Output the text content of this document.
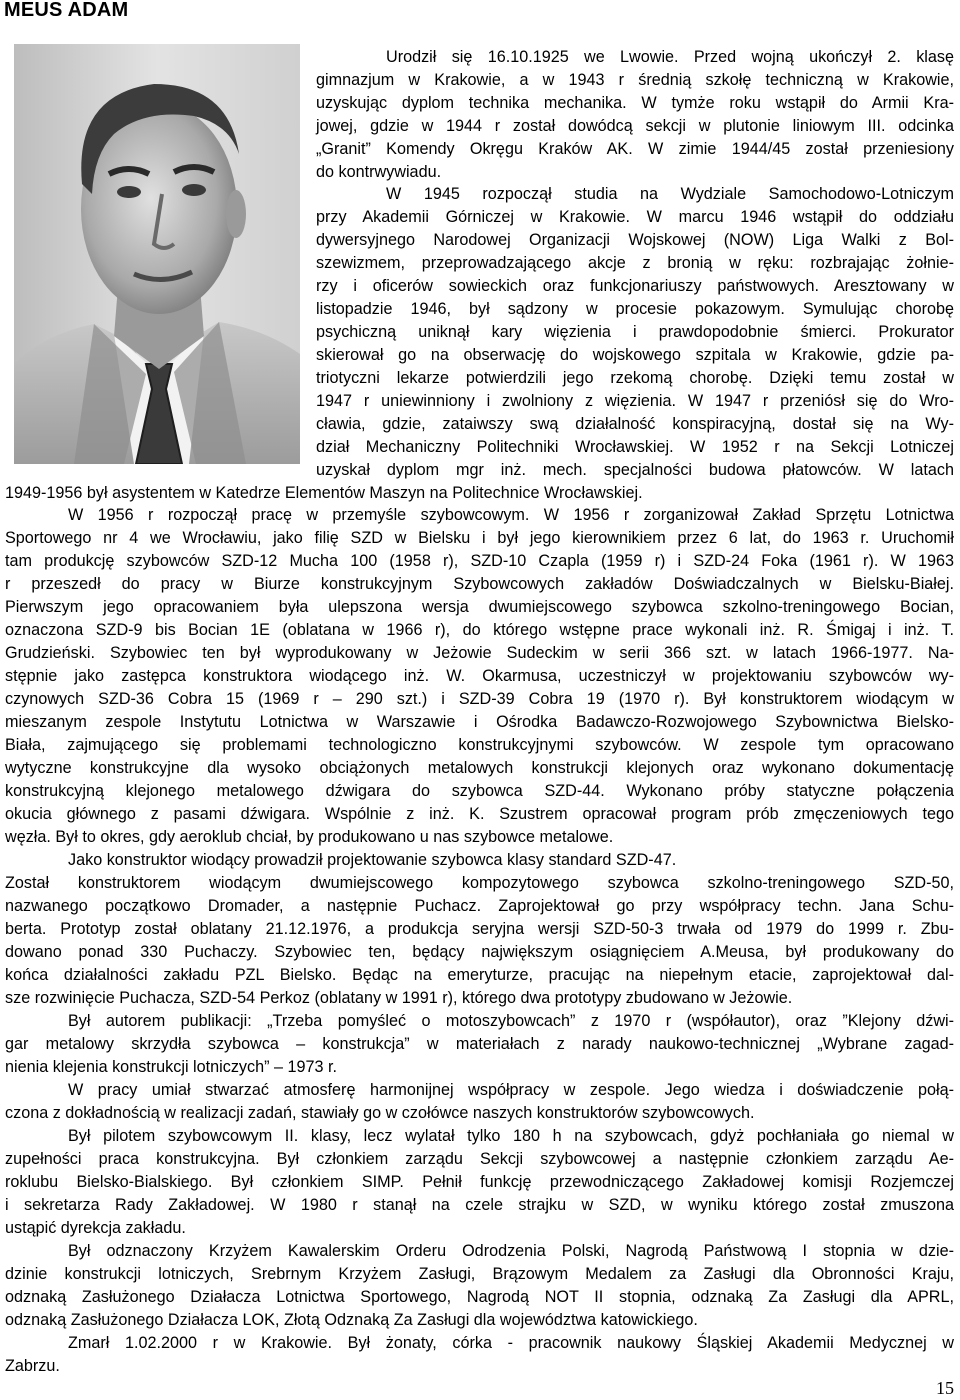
MEUS ADAM
Urodził się 16.10.1925 we Lwowie. Przed wojną ukończył 2. klasę
gimnazjum w Krakowie, a w 1943 r średnią szkołę techniczną w Krakowie,
uzyskując dyplom technika mechanika. W tymże roku wstąpił do Armii Kra-
jowej, gdzie w 1944 r został dowódcą sekcji w plutonie liniowym III. odcinka
„Granit” Komendy Okręgu Kraków AK. W zimie 1944/45 został przeniesiony
do kontrwywiadu.
W 1945 rozpoczął studia na Wydziale Samochodowo-Lotniczym
przy Akademii Górniczej w Krakowie. W marcu 1946 wstąpił do oddziału
dywersyjnego Narodowej Organizacji Wojskowej (NOW) Liga Walki z Bol-
szewizmem, przeprowadzającego akcje z bronią w ręku: rozbrajając żołnie-
rzy i oficerów sowieckich oraz funkcjonariuszy państwowych. Aresztowany w
listopadzie 1946, był sądzony w procesie pokazowym. Symulując chorobę
psychiczną uniknął kary więzienia i prawdopodobnie śmierci. Prokurator
skierował go na obserwację do wojskowego szpitala w Krakowie, gdzie pa-
triotyczni lekarze potwierdzili jego rzekomą chorobę. Dzięki temu został w
1947 r uniewinniony i zwolniony z więzienia. W 1947 r przeniósł się do Wro-
cławia, gdzie, zataiwszy swą działalność konspiracyjną, dostał się na Wy-
dział Mechaniczny Politechniki Wrocławskiej. W 1952 r na Sekcji Lotniczej
uzyskał dyplom mgr inż. mech. specjalności budowa płatowców. W latach
1949-1956 był asystentem w Katedrze Elementów Maszyn na Politechnice Wrocławskiej.
W 1956 r rozpoczął pracę w przemyśle szybowcowym. W 1956 r zorganizował Zakład Sprzętu Lotnictwa
Sportowego nr 4 we Wrocławiu, jako filię SZD w Bielsku i był jego kierownikiem przez 6 lat, do 1963 r. Uruchomił
tam produkcję szybowców SZD-12 Mucha 100 (1958 r), SZD-10 Czapla (1959 r) i SZD-24 Foka (1961 r). W 1963
r przeszedł do pracy w Biurze konstrukcyjnym Szybowcowych zakładów Doświadczalnych w Bielsku-Białej.
Pierwszym jego opracowaniem była ulepszona wersja dwumiejscowego szybowca szkolno-treningowego Bocian,
oznaczona SZD-9 bis Bocian 1E (oblatana w 1966 r), do którego wstępne prace wykonali inż. R. Śmigaj i inż. T.
Grudzieński. Szybowiec ten był wyprodukowany w Jeżowie Sudeckim w serii 366 szt. w latach 1966-1977. Na-
stępnie jako zastępca konstruktora wiodącego inż. W. Okarmusa, uczestniczył w projektowaniu szybowców wy-
czynowych SZD-36 Cobra 15 (1969 r – 290 szt.) i SZD-39 Cobra 19 (1970 r). Był konstruktorem wiodącym w
mieszanym zespole Instytutu Lotnictwa w Warszawie i Ośrodka Badawczo-Rozwojowego Szybownictwa Bielsko-
Biała, zajmującego się problemami technologiczno konstrukcyjnymi szybowców. W zespole tym opracowano
wytyczne konstrukcyjne dla wysoko obciążonych metalowych konstrukcji klejonych oraz wykonano dokumentację
konstrukcyjną klejonego metalowego dźwigara do szybowca SZD-44. Wykonano próby statyczne połączenia
okucia głównego z pasami dźwigara. Wspólnie z inż. K. Szustrem opracował program prób zmęczeniowych tego
węzła. Był to okres, gdy aeroklub chciał, by produkowano u nas szybowce metalowe.
Jako konstruktor wiodący prowadził projektowanie szybowca klasy standard SZD-47.
Został konstruktorem wiodącym dwumiejscowego kompozytowego szybowca szkolno-treningowego SZD-50,
nazwanego początkowo Dromader, a następnie Puchacz. Zaprojektował go przy współpracy techn. Jana Schu-
berta. Prototyp został oblatany 21.12.1976, a produkcja seryjna wersji SZD-50-3 trwała od 1979 do 1999 r. Zbu-
dowano ponad 330 Puchaczy. Szybowiec ten, będący największym osiągnięciem A.Meusa, był produkowany do
końca działalności zakładu PZL Bielsko. Będąc na emeryturze, pracując na niepełnym etacie, zaprojektował dal-
sze rozwinięcie Puchacza, SZD-54 Perkoz (oblatany w 1991 r), którego dwa prototypy zbudowano w Jeżowie.
Był autorem publikacji: „Trzeba pomyśleć o motoszybowcach” z 1970 r (współautor), oraz ”Klejony dźwi-
gar metalowy skrzydła szybowca – konstrukcja” w materiałach z narady naukowo-technicznej „Wybrane zagad-
nienia klejenia konstrukcji lotniczych” – 1973 r.
W pracy umiał stwarzać atmosferę harmonijnej współpracy w zespole. Jego wiedza i doświadczenie połą-
czona z dokładnością w realizacji zadań, stawiały go w czołówce naszych konstruktorów szybowcowych.
Był pilotem szybowcowym II. klasy, lecz wylatał tylko 180 h na szybowcach, gdyż pochłaniała go niemal w
zupełności praca konstrukcyjna. Był członkiem zarządu Sekcji szybowcowej a następnie członkiem zarządu Ae-
roklubu Bielsko-Bialskiego. Był członkiem SIMP. Pełnił funkcję przewodniczącego Zakładowej komisji Rozjemczej
i sekretarza Rady Zakładowej. W 1980 r stanął na czele strajku w SZD, w wyniku którego został zmuszona
ustąpić dyrekcja zakładu.
Był odznaczony Krzyżem Kawalerskim Orderu Odrodzenia Polski, Nagrodą Państwową I stopnia w dzie-
dzinie konstrukcji lotniczych, Srebrnym Krzyżem Zasługi, Brązowym Medalem za Zasługi dla Obronności Kraju,
odznaką Zasłużonego Działacza Lotnictwa Sportowego, Nagrodą NOT II stopnia, odznaką Za Zasługi dla APRL,
odznaką Zasłużonego Działacza LOK, Złotą Odznaką Za Zasługi dla województwa katowickiego.
Zmarł 1.02.2000 r w Krakowie. Był żonaty, córka - pracownik naukowy Śląskiej Akademii Medycznej w
Zabrzu.
15
